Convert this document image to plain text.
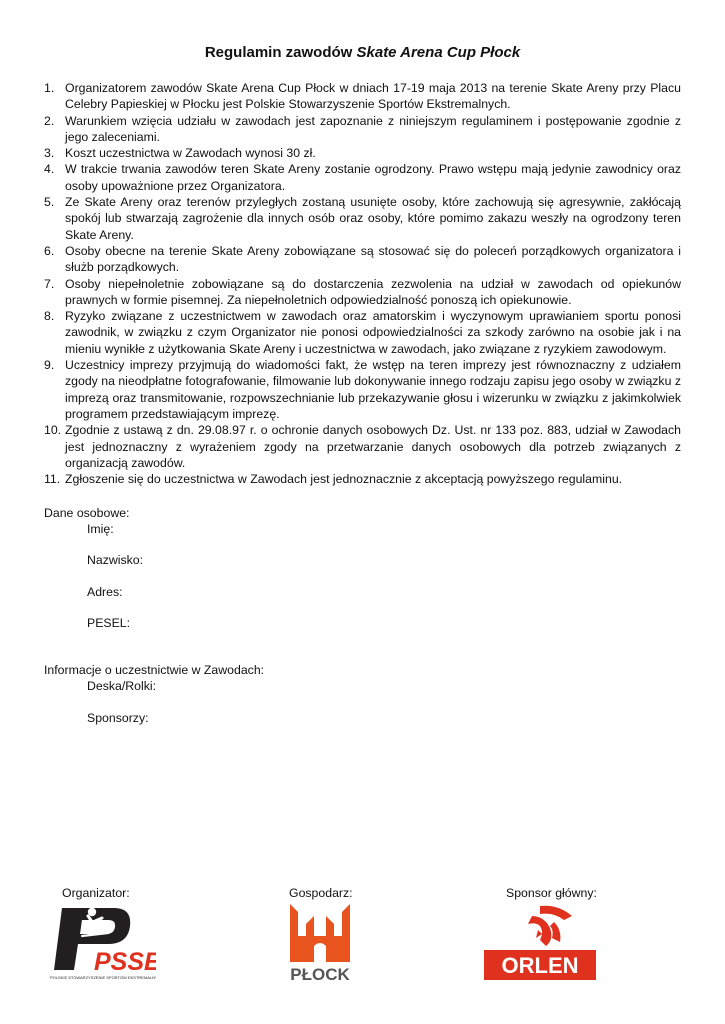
Regulamin zawodów Skate Arena Cup Płock
1. Organizatorem zawodów Skate Arena Cup Płock w dniach 17-19 maja 2013 na terenie Skate Areny przy Placu Celebry Papieskiej w Płocku jest Polskie Stowarzyszenie Sportów Ekstremalnych.
2. Warunkiem wzięcia udziału w zawodach jest zapoznanie z niniejszym regulaminem i postępowanie zgodnie z jego zaleceniami.
3. Koszt uczestnictwa w Zawodach wynosi 30 zł.
4. W trakcie trwania zawodów teren Skate Areny zostanie ogrodzony. Prawo wstępu mają jedynie zawodnicy oraz osoby upoważnione przez Organizatora.
5. Ze Skate Areny oraz terenów przyległych zostaną usunięte osoby, które zachowują się agresywnie, zakłócają spokój lub stwarzają zagrożenie dla innych osób oraz osoby, które pomimo zakazu weszły na ogrodzony teren Skate Areny.
6. Osoby obecne na terenie Skate Areny zobowiązane są stosować się do poleceń porządkowych organizatora i służb porządkowych.
7. Osoby niepełnoletnie zobowiązane są do dostarczenia zezwolenia na udział w zawodach od opiekunów prawnych w formie pisemnej. Za niepełnoletnich odpowiedzialność ponoszą ich opiekunowie.
8. Ryzyko związane z uczestnictwem w zawodach oraz amatorskim i wyczynowym uprawianiem sportu ponosi zawodnik, w związku z czym Organizator nie ponosi odpowiedzialności za szkody zarówno na osobie jak i na mieniu wynikłe z użytkowania Skate Areny i uczestnictwa w zawodach, jako związane z ryzykiem zawodowym.
9. Uczestnicy imprezy przyjmują do wiadomości fakt, że wstęp na teren imprezy jest równoznaczny z udziałem zgody na nieodpłatne fotografowanie, filmowanie lub dokonywanie innego rodzaju zapisu jego osoby w związku z imprezą oraz transmitowanie, rozpowszechnianie lub przekazywanie głosu i wizerunku w związku z jakimkolwiek programem przedstawiającym imprezę.
10. Zgodnie z ustawą z dn. 29.08.97 r. o ochronie danych osobowych Dz. Ust. nr 133 poz. 883, udział w Zawodach jest jednoznaczny z wyrażeniem zgody na przetwarzanie danych osobowych dla potrzeb związanych z organizacją zawodów.
11. Zgłoszenie się do uczestnictwa w Zawodach jest jednoznacznie z akceptacją powyższego regulaminu.
Dane osobowe:
Imię:
Nazwisko:
Adres:
PESEL:
Informacje o uczestnictwie w Zawodach:
Deska/Rolki:
Sponsorzy:
Organizator:	Gospodarz:	Sponsor główny:
PSSE
POLSKIE STOWARZYSZENIE SPORTÓW EKSTREMALNYCH	PŁOCK	ORLEN
